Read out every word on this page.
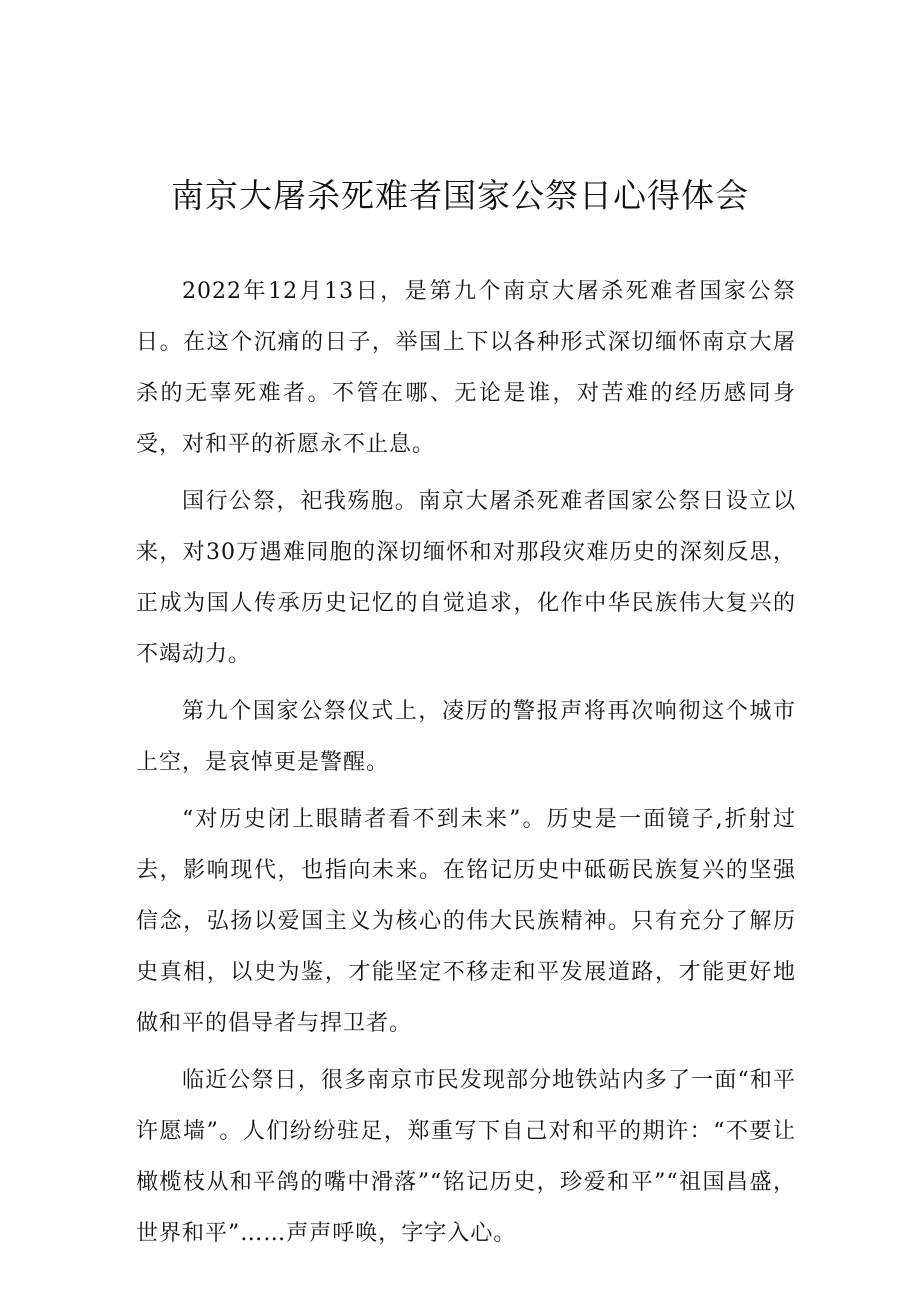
南京大屠杀死难者国家公祭日心得体会

2022年12月13日，是第九个南京大屠杀死难者国家公祭日。在这个沉痛的日子，举国上下以各种形式深切缅怀南京大屠杀的无辜死难者。不管在哪、无论是谁，对苦难的经历感同身受，对和平的祈愿永不止息。

国行公祭，祀我殇胞。南京大屠杀死难者国家公祭日设立以来，对30万遇难同胞的深切缅怀和对那段灾难历史的深刻反思，正成为国人传承历史记忆的自觉追求，化作中华民族伟大复兴的不竭动力。

第九个国家公祭仪式上，凌厉的警报声将再次响彻这个城市上空，是哀悼更是警醒。

“对历史闭上眼睛者看不到未来”。历史是一面镜子,折射过去，影响现代，也指向未来。在铭记历史中砥砺民族复兴的坚强信念，弘扬以爱国主义为核心的伟大民族精神。只有充分了解历史真相，以史为鉴，才能坚定不移走和平发展道路，才能更好地做和平的倡导者与捍卫者。

临近公祭日，很多南京市民发现部分地铁站内多了一面“和平许愿墙”。人们纷纷驻足，郑重写下自己对和平的期许：“不要让橄榄枝从和平鸽的嘴中滑落”“铭记历史，珍爱和平”“祖国昌盛，世界和平”……声声呼唤，字字入心。
